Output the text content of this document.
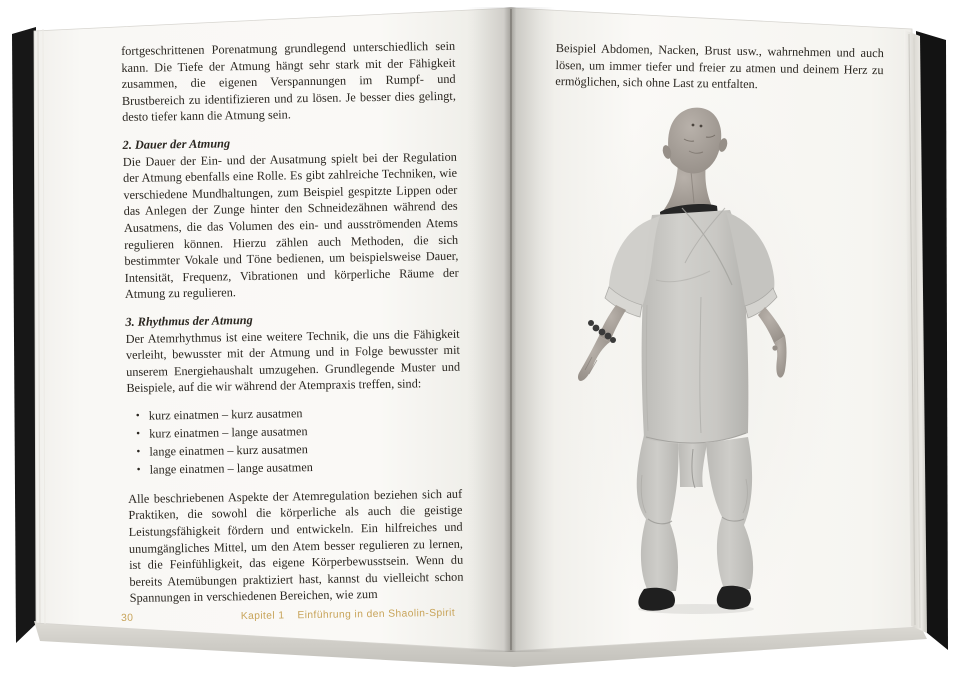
fortgeschrittenen Porenatmung grundlegend unterschiedlich sein kann. Die Tiefe der Atmung hängt sehr stark mit der Fähigkeit zusammen, die eigenen Verspannungen im Rumpf- und Brustbereich zu identifizieren und zu lösen. Je besser dies gelingt, desto tiefer kann die Atmung sein.

2. Dauer der Atmung

Die Dauer der Ein- und der Ausatmung spielt bei der Regulation der Atmung ebenfalls eine Rolle. Es gibt zahlreiche Techniken, wie verschiedene Mundhaltungen, zum Beispiel gespitzte Lippen oder das Anlegen der Zunge hinter den Schneidezähnen während des Ausatmens, die das Volumen des ein- und ausströmenden Atems regulieren können. Hierzu zählen auch Methoden, die sich bestimmter Vokale und Töne bedienen, um beispielsweise Dauer, Intensität, Frequenz, Vibrationen und körperliche Räume der Atmung zu regulieren.

3. Rhythmus der Atmung

Der Atemrhythmus ist eine weitere Technik, die uns die Fähigkeit verleiht, bewusster mit der Atmung und in Folge bewusster mit unserem Energiehaushalt umzugehen. Grundlegende Muster und Beispiele, auf die wir während der Atempraxis treffen, sind:

• kurz einatmen – kurz ausatmen
• kurz einatmen – lange ausatmen
• lange einatmen – kurz ausatmen
• lange einatmen – lange ausatmen

Alle beschriebenen Aspekte der Atemregulation beziehen sich auf Praktiken, die sowohl die körperliche als auch die geistige Leistungsfähigkeit fördern und entwickeln. Ein hilfreiches und unumgängliches Mittel, um den Atem besser regulieren zu lernen, ist die Feinfühligkeit, das eigene Körperbewusstsein. Wenn du bereits Atemübungen praktiziert hast, kannst du vielleicht schon Spannungen in verschiedenen Bereichen, wie zum

30	Kapitel 1 Einführung in den Shaolin-Spirit

Beispiel Abdomen, Nacken, Brust usw., wahrnehmen und auch lösen, um immer tiefer und freier zu atmen und deinem Herz zu ermöglichen, sich ohne Last zu entfalten.
